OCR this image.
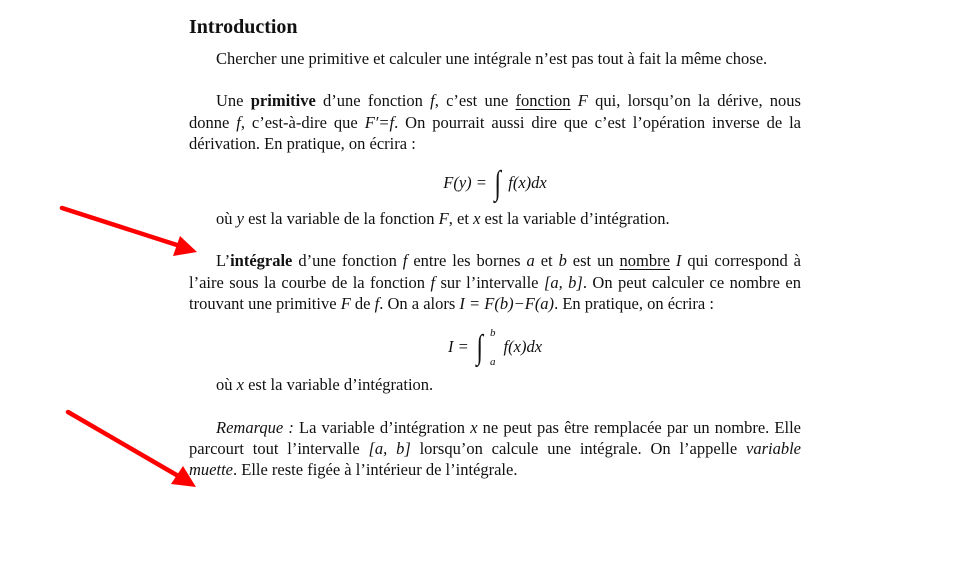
Introduction

Chercher une primitive et calculer une intégrale n’est pas tout à fait la même chose.

Une primitive d’une fonction f, c’est une fonction F qui, lorsqu’on la dérive, nous donne f, c’est-à-dire que F′=f. On pourrait aussi dire que c’est l’opération inverse de la dérivation. En pratique, on écrira :

F(y) = ∫ f(x)dx

où y est la variable de la fonction F, et x est la variable d’intégration.

L’intégrale d’une fonction f entre les bornes a et b est un nombre I qui correspond à l’aire sous la courbe de la fonction f sur l’intervalle [a, b]. On peut calculer ce nombre en trouvant une primitive F de f. On a alors I = F(b)−F(a). En pratique, on écrira :

I = ∫ b
a
f(x)dx

où x est la variable d’intégration.

Remarque : La variable d’intégration x ne peut pas être remplacée par un nombre. Elle parcourt tout l’intervalle [a, b] lorsqu’on calcule une intégrale. On l’appelle variable muette. Elle reste figée à l’intérieur de l’intégrale.
